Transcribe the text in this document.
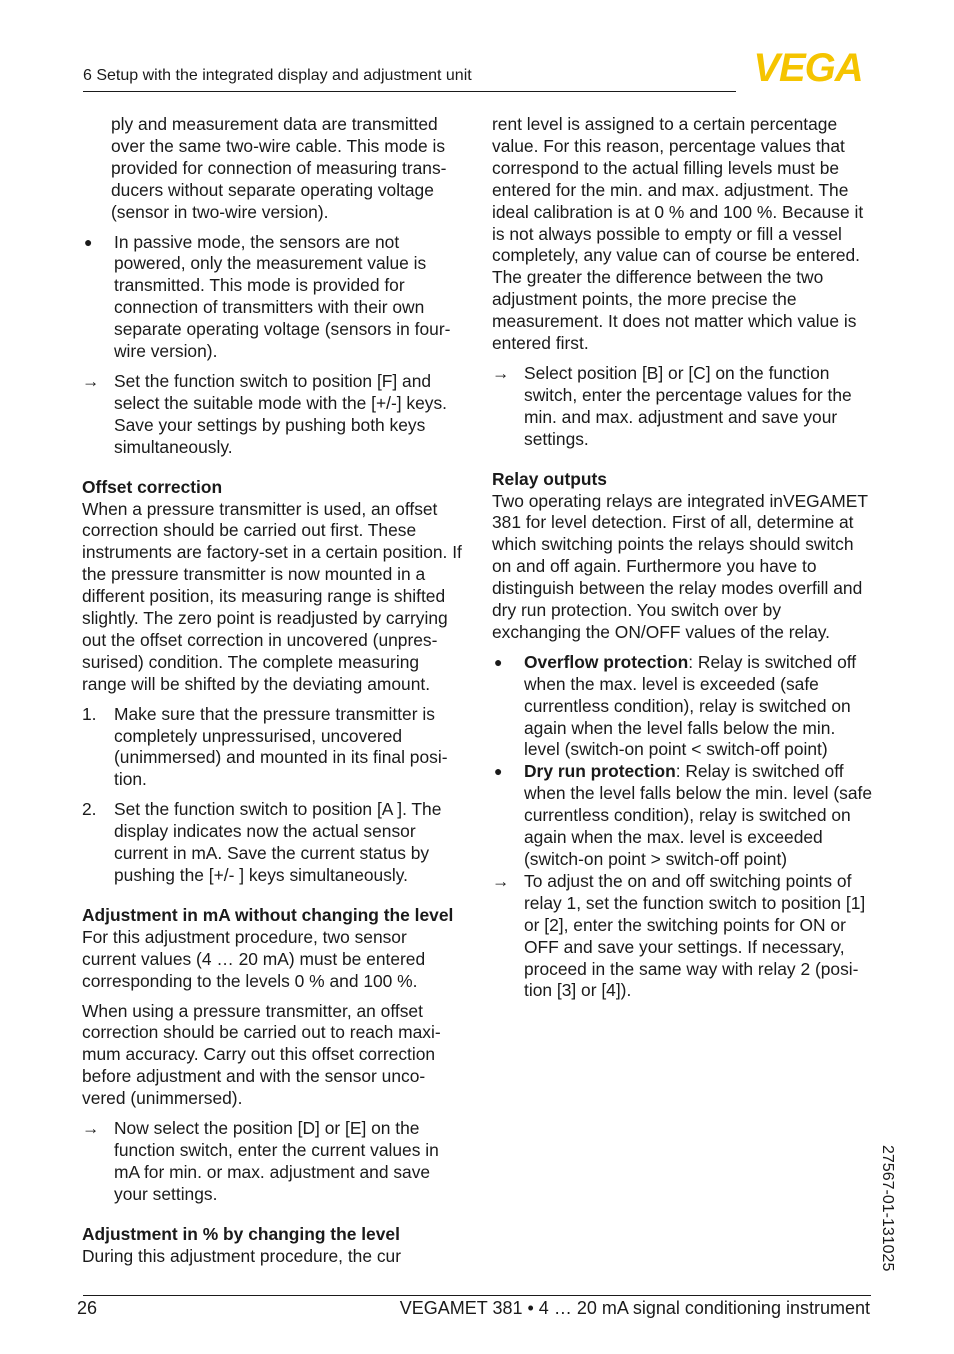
6 Setup with the integrated display and adjustment unit	VEGA

ply and measurement data are transmitted over the same two-wire cable. This mode is provided for connection of measuring transducers without separate operating voltage (sensor in two-wire version).

● In passive mode, the sensors are not powered, only the measurement value is transmitted. This mode is provided for connection of transmitters with their own separate operating voltage (sensors in four-wire version).
→ Set the function switch to position [F] and select the suitable mode with the [+/-] keys. Save your settings by pushing both keys simultaneously.
Offset correction

When a pressure transmitter is used, an offset correction should be carried out first. These instruments are factory-set in a certain position. If the pressure transmitter is now mounted in a different position, its measuring range is shifted slightly. The zero point is readjusted by carrying out the offset correction in uncovered (unpressurised) condition. The complete measuring range will be shifted by the deviating amount.

1. Make sure that the pressure transmitter is completely unpressurised, uncovered (unimmersed) and mounted in its final position.
2. Set the function switch to position [A ]. The display indicates now the actual sensor current in mA. Save the current status by pushing the [+/- ] keys simultaneously.
Adjustment in mA without changing the level

For this adjustment procedure, two sensor current values (4 … 20 mA) must be entered corresponding to the levels 0 % and 100 %.

When using a pressure transmitter, an offset correction should be carried out to reach maximum accuracy. Carry out this offset correction before adjustment and with the sensor uncovered (unimmersed).

→ Now select the position [D] or [E] on the function switch, enter the current values in mA for min. or max. adjustment and save your settings.
Adjustment in % by changing the level

During this adjustment procedure, the cur

rent level is assigned to a certain percentage value. For this reason, percentage values that correspond to the actual filling levels must be entered for the min. and max. adjustment. The ideal calibration is at 0 % and 100 %. Because it is not always possible to empty or fill a vessel completely, any value can of course be entered. The greater the difference between the two adjustment points, the more precise the measurement. It does not matter which value is entered first.

→ Select position [B] or [C] on the function switch, enter the percentage values for the min. and max. adjustment and save your settings.
Relay outputs

Two operating relays are integrated inVEGAMET 381 for level detection. First of all, determine at which switching points the relays should switch on and off again. Furthermore you have to distinguish between the relay modes overfill and dry run protection. You switch over by exchanging the ON/OFF values of the relay.

● Overflow protection: Relay is switched off when the max. level is exceeded (safe currentless condition), relay is switched on again when the level falls below the min. level (switch-on point < switch-off point)
● Dry run protection: Relay is switched off when the level falls below the min. level (safe currentless condition), relay is switched on again when the max. level is exceeded (switch-on point > switch-off point)
→ To adjust the on and off switching points of relay 1, set the function switch to position [1] or [2], enter the switching points for ON or OFF and save your settings. If necessary, proceed in the same way with relay 2 (position [3] or [4]).
27567-01-131025
26	VEGAMET 381 • 4 … 20 mA signal conditioning instrument
